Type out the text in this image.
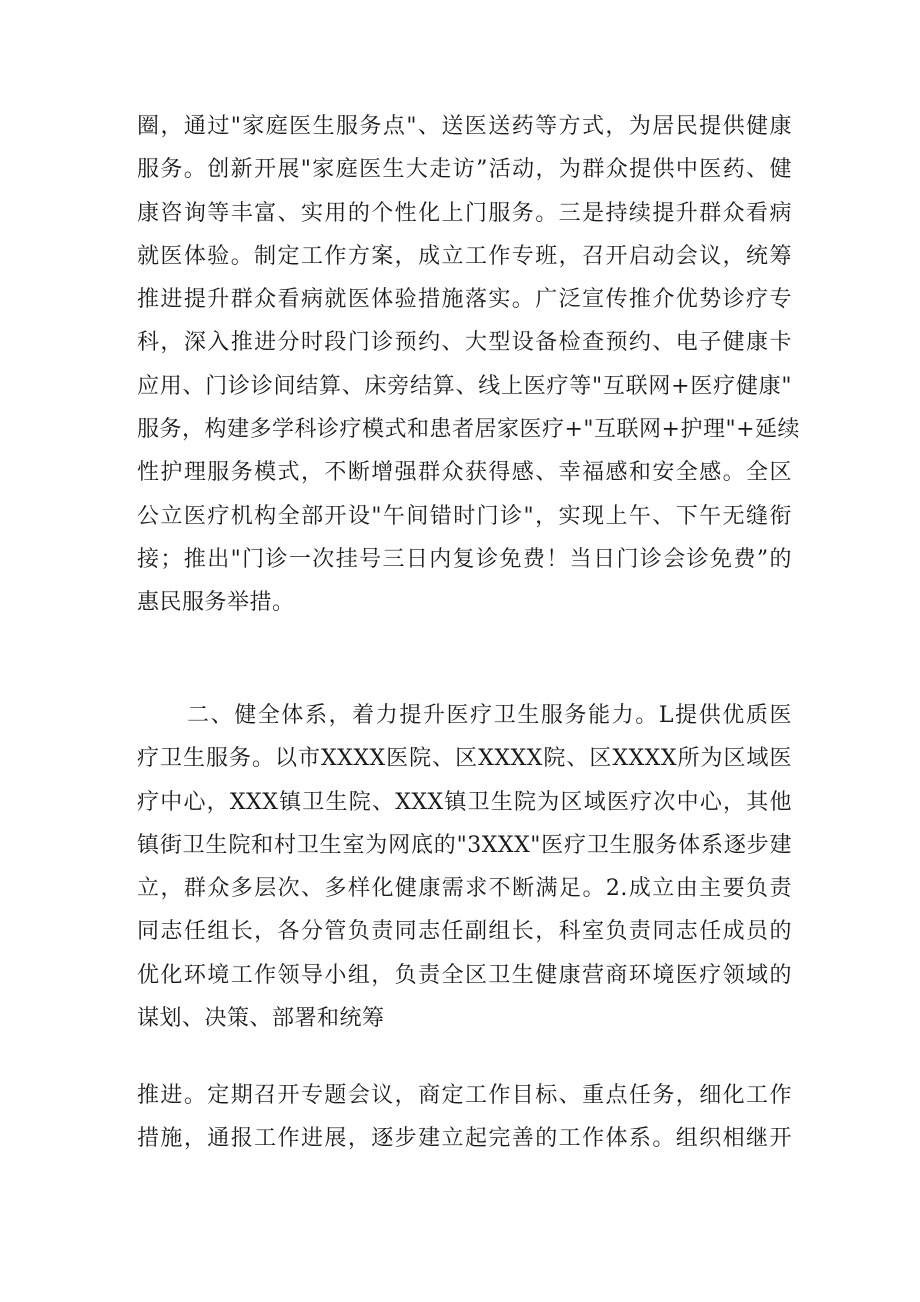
圈，通过"家庭医生服务点"、送医送药等方式，为居民提供健康
服务。创新开展"家庭医生大走访”活动，为群众提供中医药、健
康咨询等丰富、实用的个性化上门服务。三是持续提升群众看病
就医体验。制定工作方案，成立工作专班，召开启动会议，统筹
推进提升群众看病就医体验措施落实。广泛宣传推介优势诊疗专
科，深入推进分时段门诊预约、大型设备检查预约、电子健康卡
应用、门诊诊间结算、床旁结算、线上医疗等"互联网+医疗健康"
服务，构建多学科诊疗模式和患者居家医疗+"互联网+护理"+延续
性护理服务模式，不断增强群众获得感、幸福感和安全感。全区
公立医疗机构全部开设"午间错时门诊"，实现上午、下午无缝衔
接；推出"门诊一次挂号三日内复诊免费！当日门诊会诊免费”的
惠民服务举措。
二、健全体系，着力提升医疗卫生服务能力。L提供优质医
疗卫生服务。以市XXXX医院、区XXXX院、区XXXX所为区域医
疗中心，XXX镇卫生院、XXX镇卫生院为区域医疗次中心，其他
镇街卫生院和村卫生室为网底的"3XXX"医疗卫生服务体系逐步建
立，群众多层次、多样化健康需求不断满足。2.成立由主要负责
同志任组长，各分管负责同志任副组长，科室负责同志任成员的
优化环境工作领导小组，负责全区卫生健康营商环境医疗领域的
谋划、决策、部署和统筹
推进。定期召开专题会议，商定工作目标、重点任务，细化工作
措施，通报工作进展，逐步建立起完善的工作体系。组织相继开
